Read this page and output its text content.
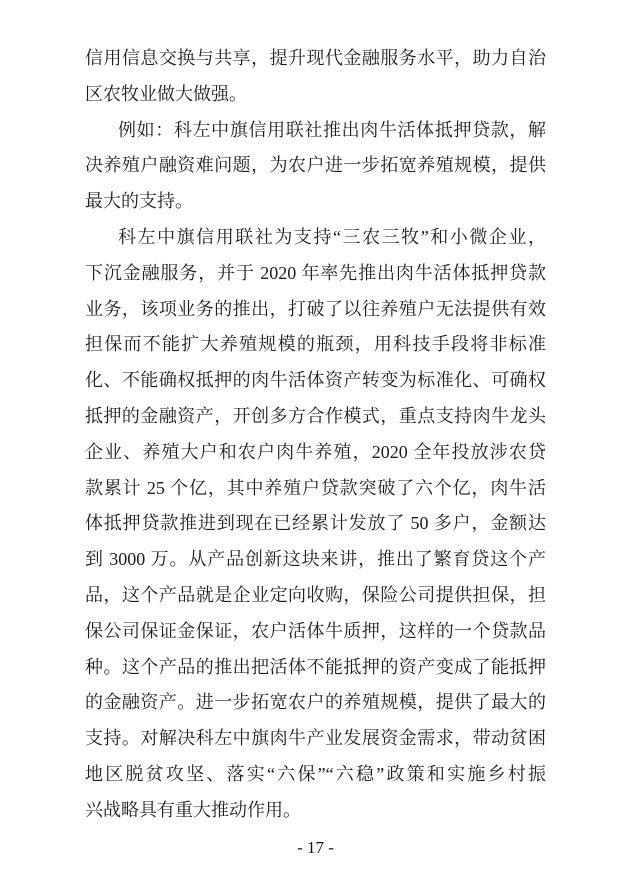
信用信息交换与共享，提升现代金融服务水平，助力自治
区农牧业做大做强。
例如：科左中旗信用联社推出肉牛活体抵押贷款，解
决养殖户融资难问题，为农户进一步拓宽养殖规模，提供
最大的支持。
科左中旗信用联社为支持“三农三牧”和小微企业，
下沉金融服务，并于 2020 年率先推出肉牛活体抵押贷款
业务，该项业务的推出，打破了以往养殖户无法提供有效
担保而不能扩大养殖规模的瓶颈，用科技手段将非标准
化、不能确权抵押的肉牛活体资产转变为标准化、可确权
抵押的金融资产，开创多方合作模式，重点支持肉牛龙头
企业、养殖大户和农户肉牛养殖，2020 全年投放涉农贷
款累计 25 个亿，其中养殖户贷款突破了六个亿，肉牛活
体抵押贷款推进到现在已经累计发放了 50 多户，金额达
到 3000 万。从产品创新这块来讲，推出了繁育贷这个产
品，这个产品就是企业定向收购，保险公司提供担保，担
保公司保证金保证，农户活体牛质押，这样的一个贷款品
种。这个产品的推出把活体不能抵押的资产变成了能抵押
的金融资产。进一步拓宽农户的养殖规模，提供了最大的
支持。对解决科左中旗肉牛产业发展资金需求，带动贫困
地区脱贫攻坚、落实“六保”“六稳”政策和实施乡村振
兴战略具有重大推动作用。
- 17 -
